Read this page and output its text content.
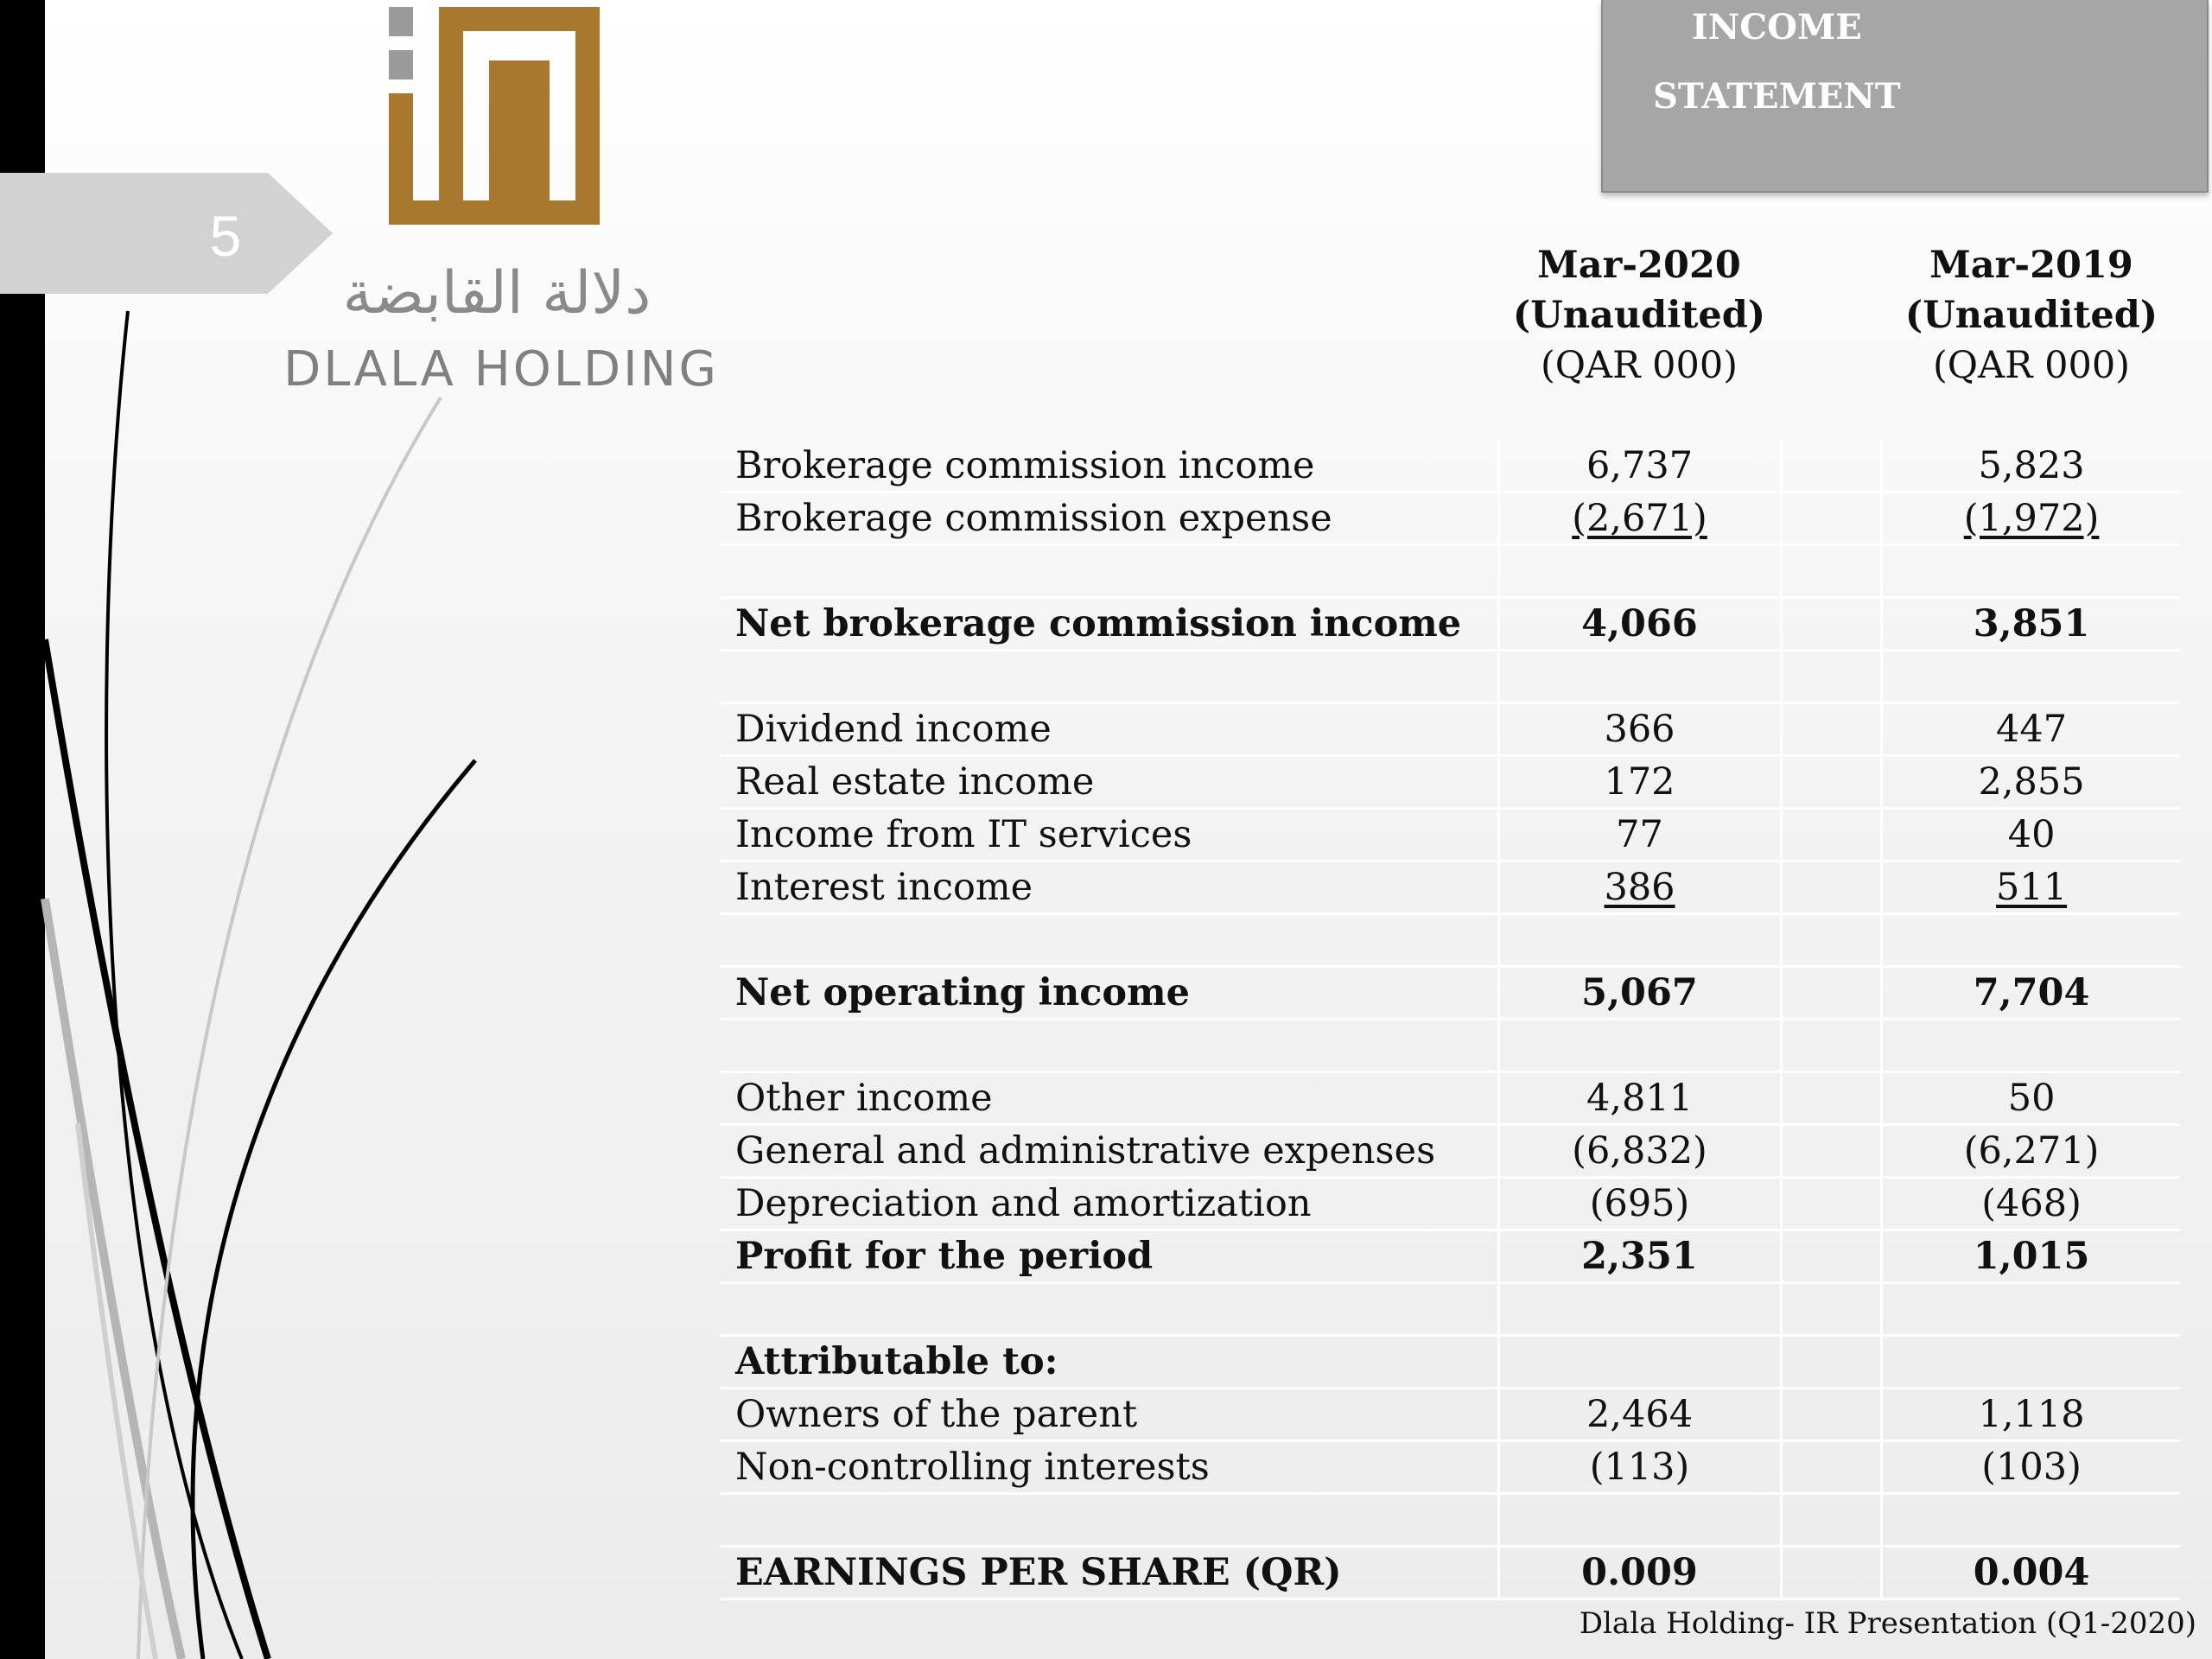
5
دلالة القابضة
DLALA HOLDING
INCOME
STATEMENT
Mar-2020
(Unaudited)
(QAR 000)
Mar-2019
(Unaudited)
(QAR 000)
Brokerage commission income	6,737		5,823
Brokerage commission expense	(2,671)		(1,972)

Net brokerage commission income	4,066		3,851

Dividend income	366		447
Real estate income	172		2,855
Income from IT services	77		40
Interest income	386		511

Net operating income	5,067		7,704

Other income	4,811		50
General and administrative expenses	(6,832)		(6,271)
Depreciation and amortization	(695)		(468)
Profit for the period	2,351		1,015

Attributable to:			
Owners of the parent	2,464		1,118
Non-controlling interests	(113)		(103)

EARNINGS PER SHARE (QR)	0.009		0.004
Dlala Holding- IR Presentation (Q1-2020)
